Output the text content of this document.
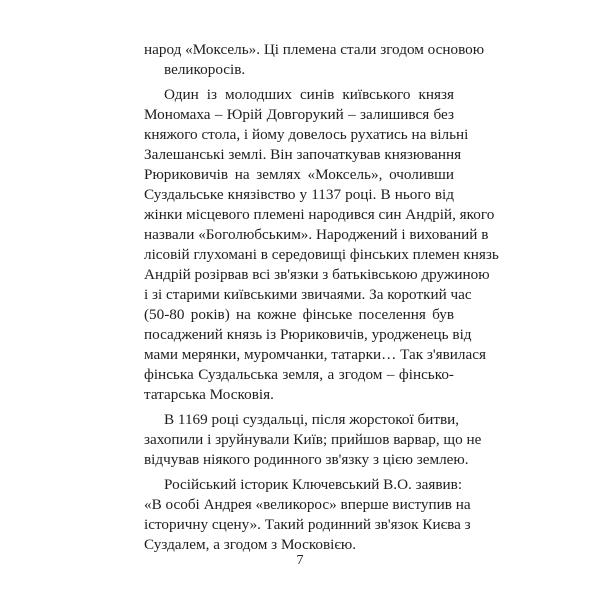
народ «Моксель». Ці племена стали згодом основою
великоросів.
Один із молодших синів київського князя
Мономаха – Юрій Довгорукий – залишився без
княжого стола, і йому довелось рухатись на вільні
Залешанські землі. Він започаткував князювання
Рюриковичів на землях «Моксель», очоливши
Суздальське князівство у 1137 році. В нього від
жінки місцевого племені народився син Андрій, якого
назвали «Боголюбським». Народжений і вихований в
лісовій глухомані в середовищі фінських племен князь
Андрій розірвав всі зв'язки з батьківською дружиною
і зі старими київськими звичаями. За короткий час
(50-80 років) на кожне фінське поселення був
посаджений князь із Рюриковичів, уродженець від
мами мерянки, муромчанки, татарки… Так з'явилася
фінська Суздальська земля, а згодом – фінсько-
татарська Московія.
В 1169 році суздальці, після жорстокої битви,
захопили і зруйнували Київ; прийшов варвар, що не
відчував ніякого родинного зв'язку з цією землею.
Російський історик Ключевський В.О. заявив:
«В особі Андрея «великорос» вперше виступив на
історичну сцену». Такий родинний зв'язок Києва з
Суздалем, а згодом з Московією.
7
